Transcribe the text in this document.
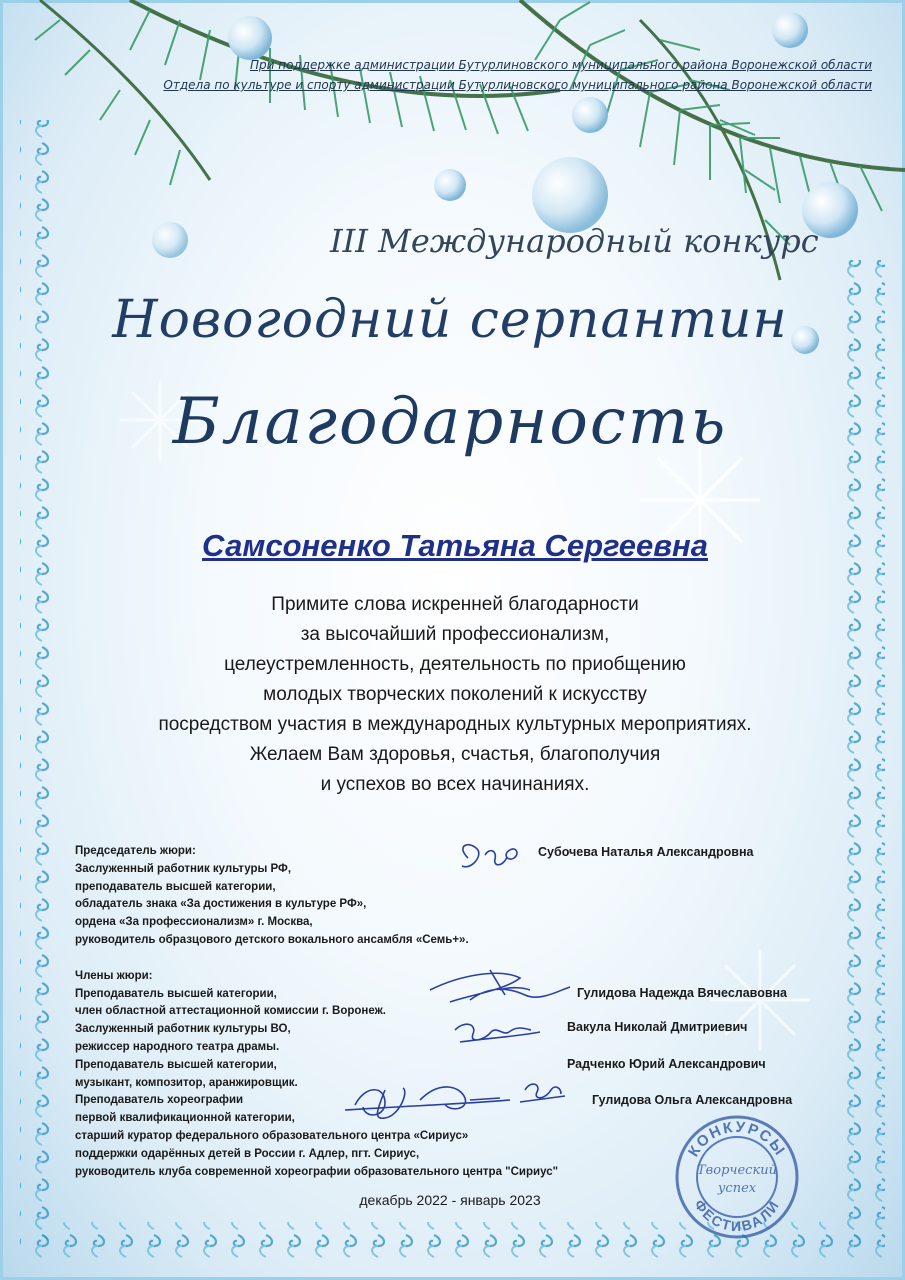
При поддержке администрации Бутурлиновского муниципального района Воронежской области
Отдела по культуре и спорту администрации Бутурлиновского муниципального района Воронежской области
III Международный конкурс
Новогодний серпантин
Благодарность
Самсоненко Татьяна Сергеевна
Примите слова искренней благодарности
за высочайший профессионализм,
целеустремленность, деятельность по приобщению
молодых творческих поколений к искусству
посредством участия в международных культурных мероприятиях.
Желаем Вам здоровья, счастья, благополучия
и успехов во всех начинаниях.
Председатель жюри:
Заслуженный работник культуры РФ,
преподаватель высшей категории,
обладатель знака «За достижения в культуре РФ»,
ордена «За профессионализм» г. Москва,
руководитель образцового детского вокального ансамбля «Семь+».
Члены жюри:
Преподаватель высшей категории,
член областной аттестационной комиссии г. Воронеж.
Заслуженный работник культуры ВО,
режиссер народного театра драмы.
Преподаватель высшей категории,
музыкант, композитор, аранжировщик.
Преподаватель хореографии
первой квалификационной категории,
старший куратор федерального образовательного центра «Сириус»
поддержки одарённых детей в России г. Адлер, пгт. Сириус,
руководитель клуба современной хореографии образовательного центра "Сириус"
Субочева Наталья Александровна
Гулидова Надежда Вячеславовна
Вакула Николай Дмитриевич
Радченко Юрий Александрович
Гулидова Ольга Александровна
КОНКУРСЫ
ФЕСТИВАЛИ
Творческий
успех
декабрь 2022 - январь 2023
